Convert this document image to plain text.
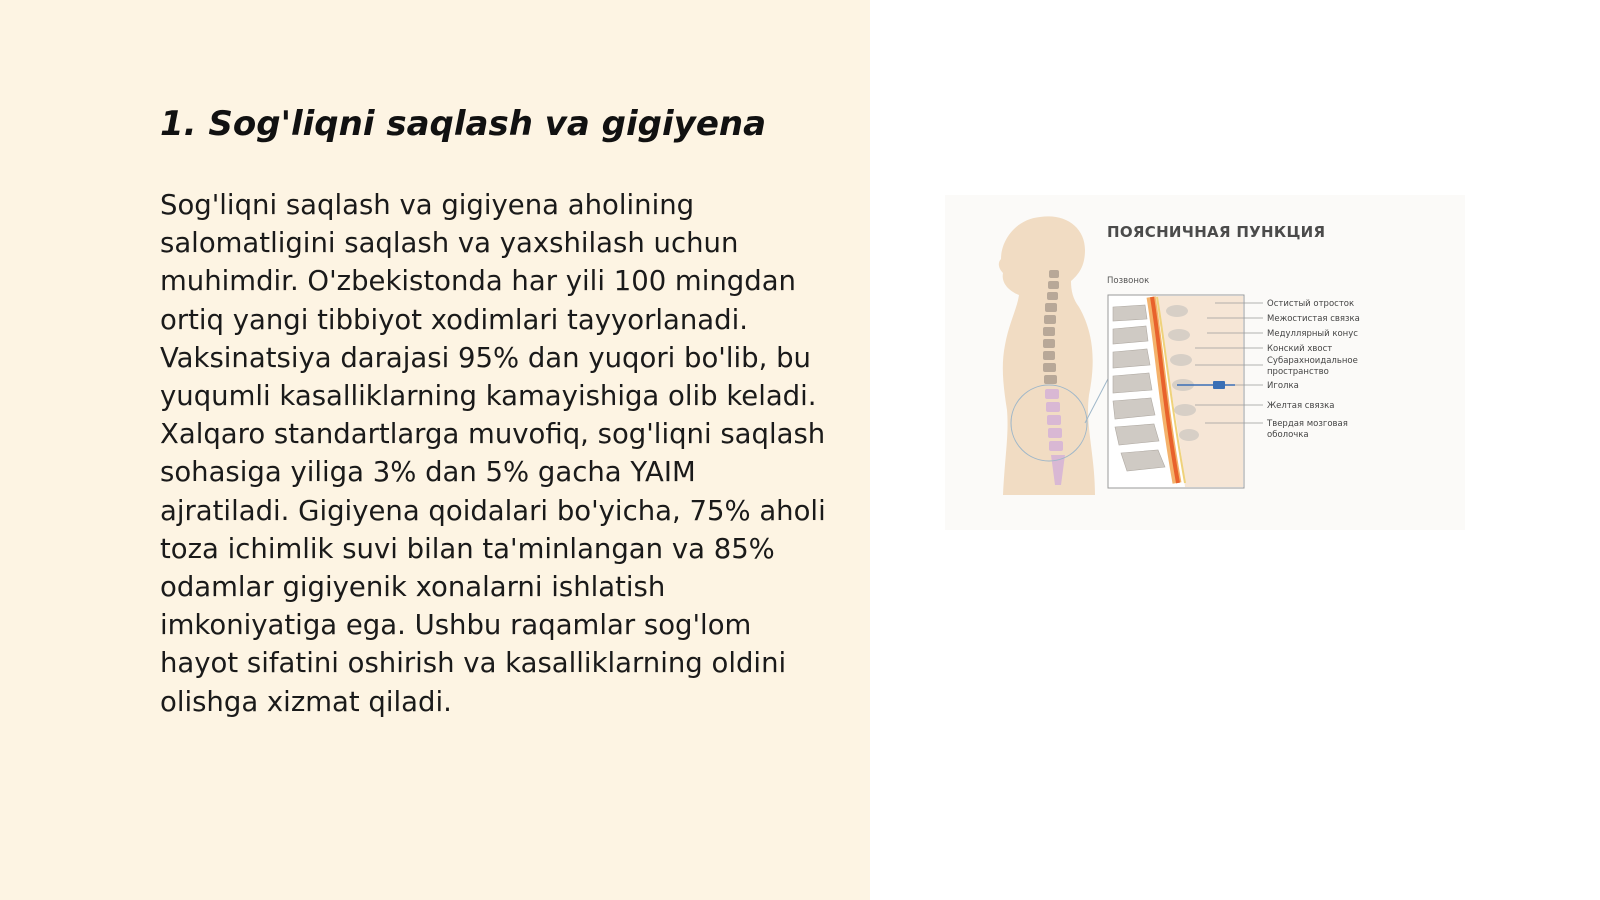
1. Sog'liqni saqlash va gigiyena

Sog'liqni saqlash va gigiyena aholining salomatligini saqlash va yaxshilash uchun muhimdir. O'zbekistonda har yili 100 mingdan ortiq yangi tibbiyot xodimlari tayyorlanadi. Vaksinatsiya darajasi 95% dan yuqori bo'lib, bu yuqumli kasalliklarning kamayishiga olib keladi. Xalqaro standartlarga muvofiq, sog'liqni saqlash sohasiga yiliga 3% dan 5% gacha YAIM ajratiladi. Gigiyena qoidalari bo'yicha, 75% aholi toza ichimlik suvi bilan ta'minlangan va 85% odamlar gigiyenik xonalarni ishlatish imkoniyatiga ega. Ushbu raqamlar sog'lom hayot sifatini oshirish va kasalliklarning oldini olishga xizmat qiladi.

ПОЯСНИЧНАЯ ПУНКЦИЯ
Позвонок
Остистый отросток
Межостистая связка
Медуллярный конус
Конский хвост
Субарахноидальное
пространство
Иголка
Желтая связка
Твердая мозговая
оболочка
